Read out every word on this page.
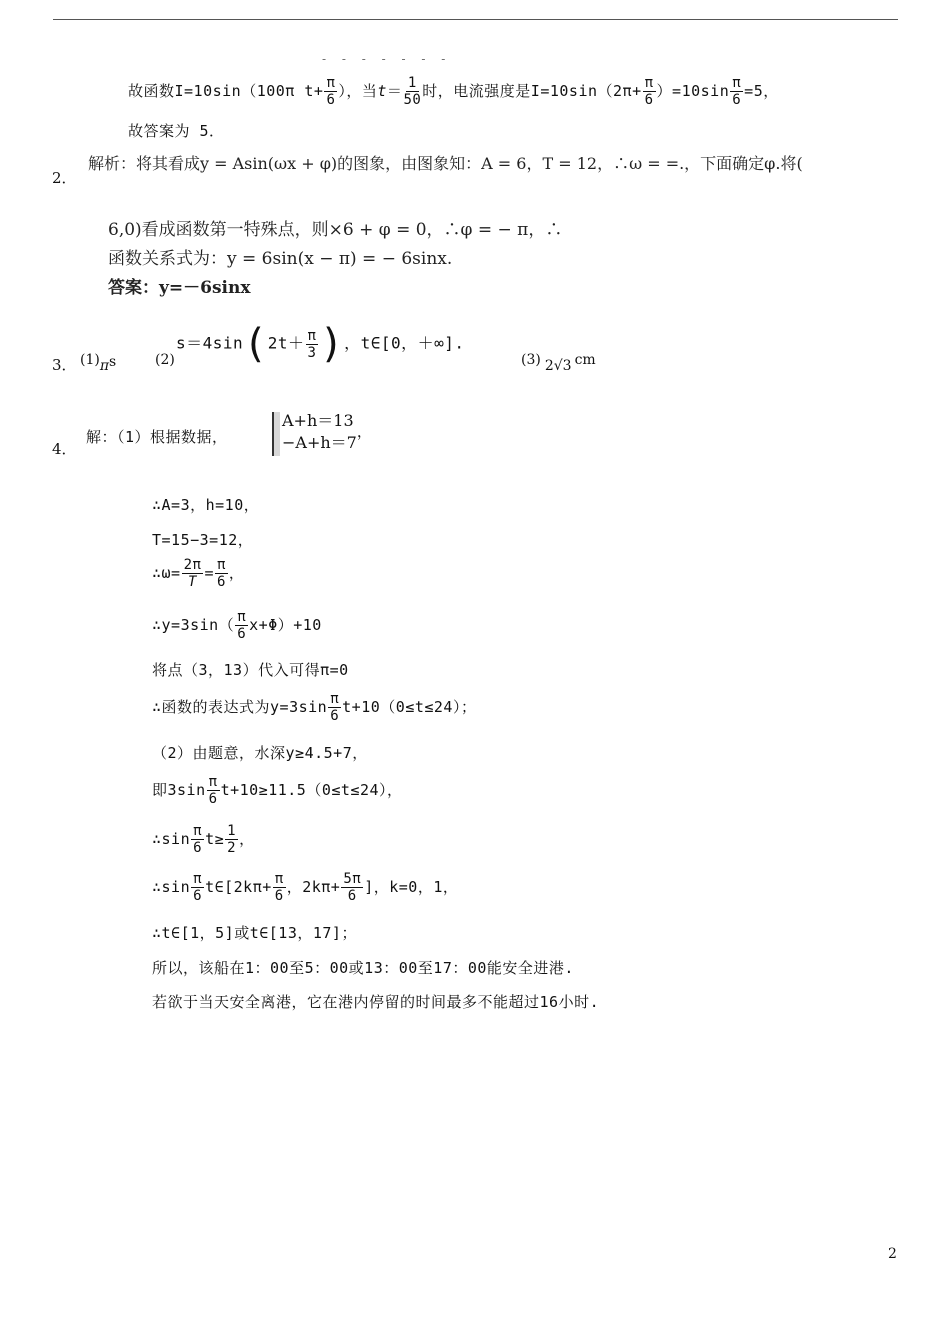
- - - - - - -
故函数I=10sin（100π $t+ \frac{\pi}{6}$ ），当$t= \frac{1}{50}$ 时，电流强度是$I=10\sin(2\pi+ \frac{\pi}{6} )=10\sin \frac{\pi}{6} =5$，
故答案为 5．
2．
解析：将其看成y = Asin(ωx + φ)的图象，由图象知：A = 6，T = 12，∴ω = =.，下面确定φ.将(
6,0)看成函数第一特殊点，则×6 + φ = 0，∴φ = − π，∴
函数关系式为：y = 6sin(x − π) = − 6sinx.
答案：y=－6sinx
3． (1)πs	(2)
$s=4\sin(2t+ \frac{\pi}{3}$ )，t∈[0，＋∞].
(3) 2√3 cm
4．
解：（1）根据数据，
A+h＝13
−A+h＝7
，
∴A=3，h=10，
T=15−3=12，
∴ω= $\frac{2\pi}{T} = \frac{\pi}{6}$ ，
∴y=3sin（ $\frac{\pi}{6} x+\Phi)+10$
将点（3，13）代入可得π=0
∴函数的表达式为$y=3\sin \frac{\pi}{6} t+10(0\le t\le 24)$；
（2）由题意，水深y≥4.5+7，
即$3\sin \frac{\pi}{6} t+10\ge 11.5(0\le t\le 24)$，
∴sin $\frac{\pi}{6} t\ge \frac{1}{2}$ ，
∴sin $\frac{\pi}{6}$ t∈[2kπ+ $\frac{\pi}{6}$ ，$2k\pi+ \frac{5\pi}{6}$ ]，k=0，1，
∴t∈[1，5]或t∈[13，17]；
所以，该船在1：00至5：00或13：00至17：00能安全进港.
若欲于当天安全离港，它在港内停留的时间最多不能超过16小时.
2
